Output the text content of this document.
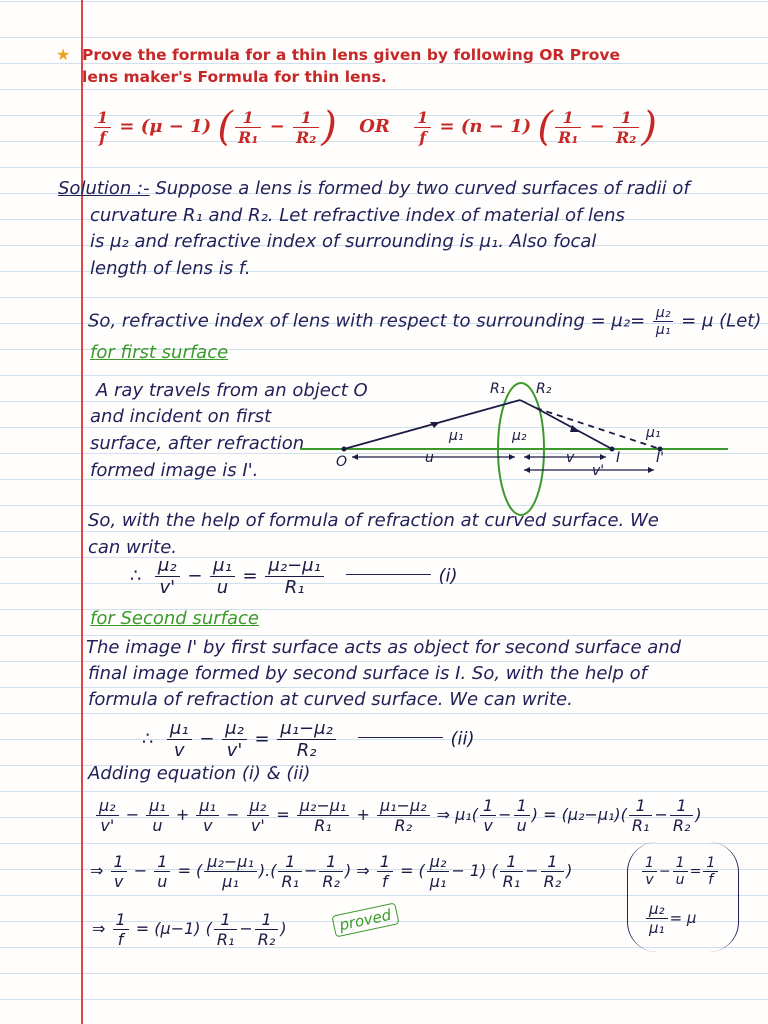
★ Prove the formula for a thin lens given by following OR Prove
lens maker's Formula for thin lens.
$\frac{1}{f} = (\mu - 1)$ ( $\frac{1}{\text{R₁}} - \frac{1}{\text{R₂}}$ ) OR $\frac{1}{f} = (n - 1)$ ( $\frac{1}{\text{R₁}} - \frac{1}{\text{R₂}}$ )
Solution :- Suppose a lens is formed by two curved surfaces of radii of
curvature R₁ and R₂. Let refractive index of material of lens
is μ₂ and refractive index of surrounding is μ₁. Also focal
length of lens is f.
So, refractive index of lens with respect to surrounding = $\mu_2= \frac{\text{μ₂}}{\text{μ₁}} = \mu$ (Let)
for first surface
A ray travels from an object O
and incident on first
surface, after refraction
formed image is I'.
R₁ R₂
μ₁	μ₂	μ₁
O	u	I	I'
v
v'
So, with the help of formula of refraction at curved surface. We
can write.
∴ $\frac{\text{μ₂}}{v'} - \frac{\text{μ₁}}{u} = \frac{\text{μ₂−μ₁}}{\text{R₁}}$	(i)
for Second surface
The image I' by first surface acts as object for second surface and
final image formed by second surface is I. So, with the help of
formula of refraction at curved surface. We can write.
∴ $\frac{\text{μ₁}}{v} - \frac{\text{μ₂}}{v'} = \frac{\text{μ₁−μ₂}}{\text{R₂}}$	(ii)
Adding equation (i) & (ii)
$\frac{\text{μ₂}}{v'} - \frac{\text{μ₁}}{u} + \frac{\text{μ₁}}{v} - \frac{\text{μ₂}}{v'} = \frac{\text{μ₂−μ₁}}{\text{R₁}} + \frac{\text{μ₁−μ₂}}{\text{R₂}}$ ⇒ $\mu_1( \frac{1}{v} - \frac{1}{u}$ ) = $(\mu_2-\mu_1)( \frac{1}{\text{R₁}} - \frac{1}{\text{R₂}}$ )
⇒ $\frac{1}{v} - \frac{1}{u}$ = ( $\frac{\text{μ₂−μ₁}}{\text{μ₁}}$ ).( $\frac{1}{\text{R₁}} - \frac{1}{\text{R₂}}$ ) ⇒ $\frac{1}{f}$ = ( $\frac{\text{μ₂}}{\text{μ₁}} - 1$) ( $\frac{1}{\text{R₁}} - \frac{1}{\text{R₂}}$ )
⇒ $\frac{1}{f} = (\mu-1)$ ( $\frac{1}{\text{R₁}} - \frac{1}{\text{R₂}}$ )	proved
$\frac{1}{v} - \frac{1}{u} = \frac{1}{f}$
$\frac{\text{μ₂}}{\text{μ₁}} = \mu$
